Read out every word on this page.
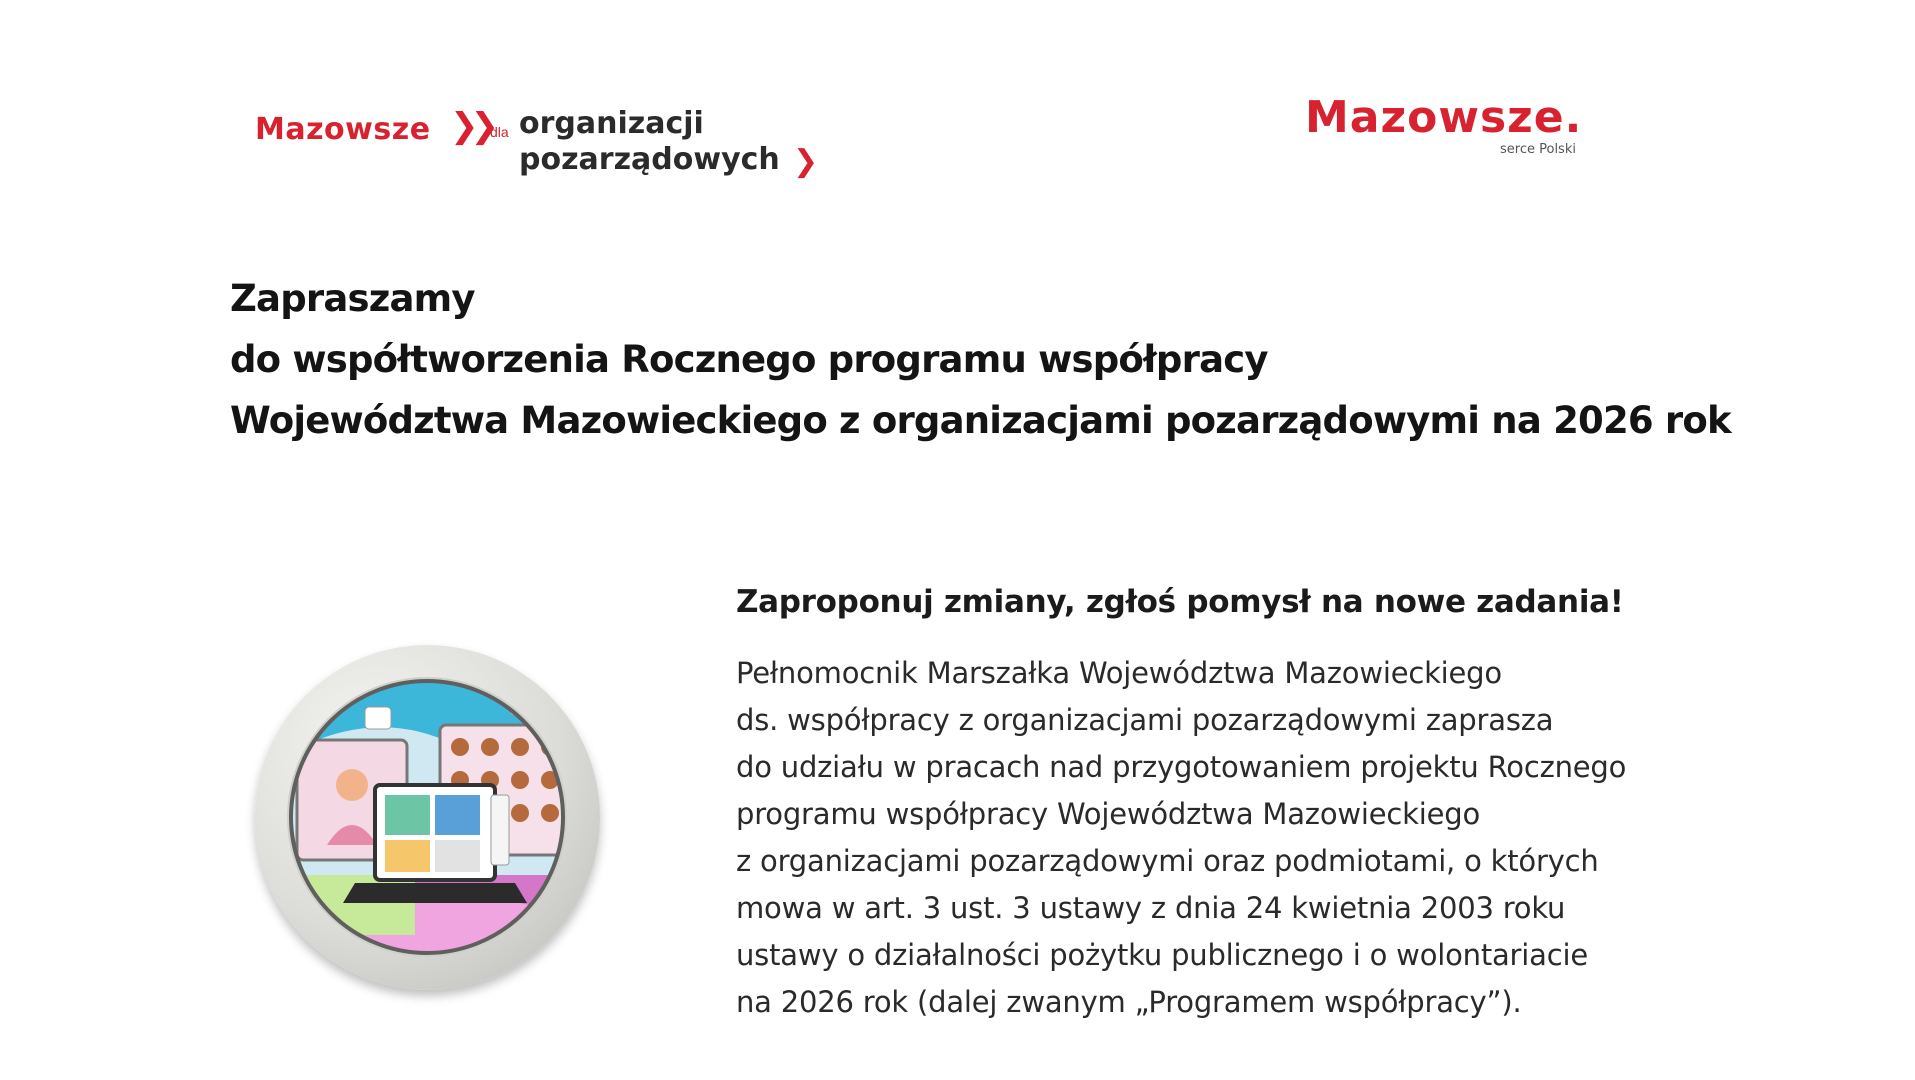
Mazowsze ❯❯ dla organizacji
pozarządowych ❯
Mazowsze.
serce Polski
Zapraszamy
do współtworzenia Rocznego programu współpracy
Województwa Mazowieckiego z organizacjami pozarządowymi na 2026 rok
Zaproponuj zmiany, zgłoś pomysł na nowe zadania!
Pełnomocnik Marszałka Województwa Mazowieckiego
ds. współpracy z organizacjami pozarządowymi zaprasza
do udziału w pracach nad przygotowaniem projektu Rocznego
programu współpracy Województwa Mazowieckiego
z organizacjami pozarządowymi oraz podmiotami, o których
mowa w art. 3 ust. 3 ustawy z dnia 24 kwietnia 2003 roku
ustawy o działalności pożytku publicznego i o wolontariacie
na 2026 rok (dalej zwanym „Programem współpracy”).
